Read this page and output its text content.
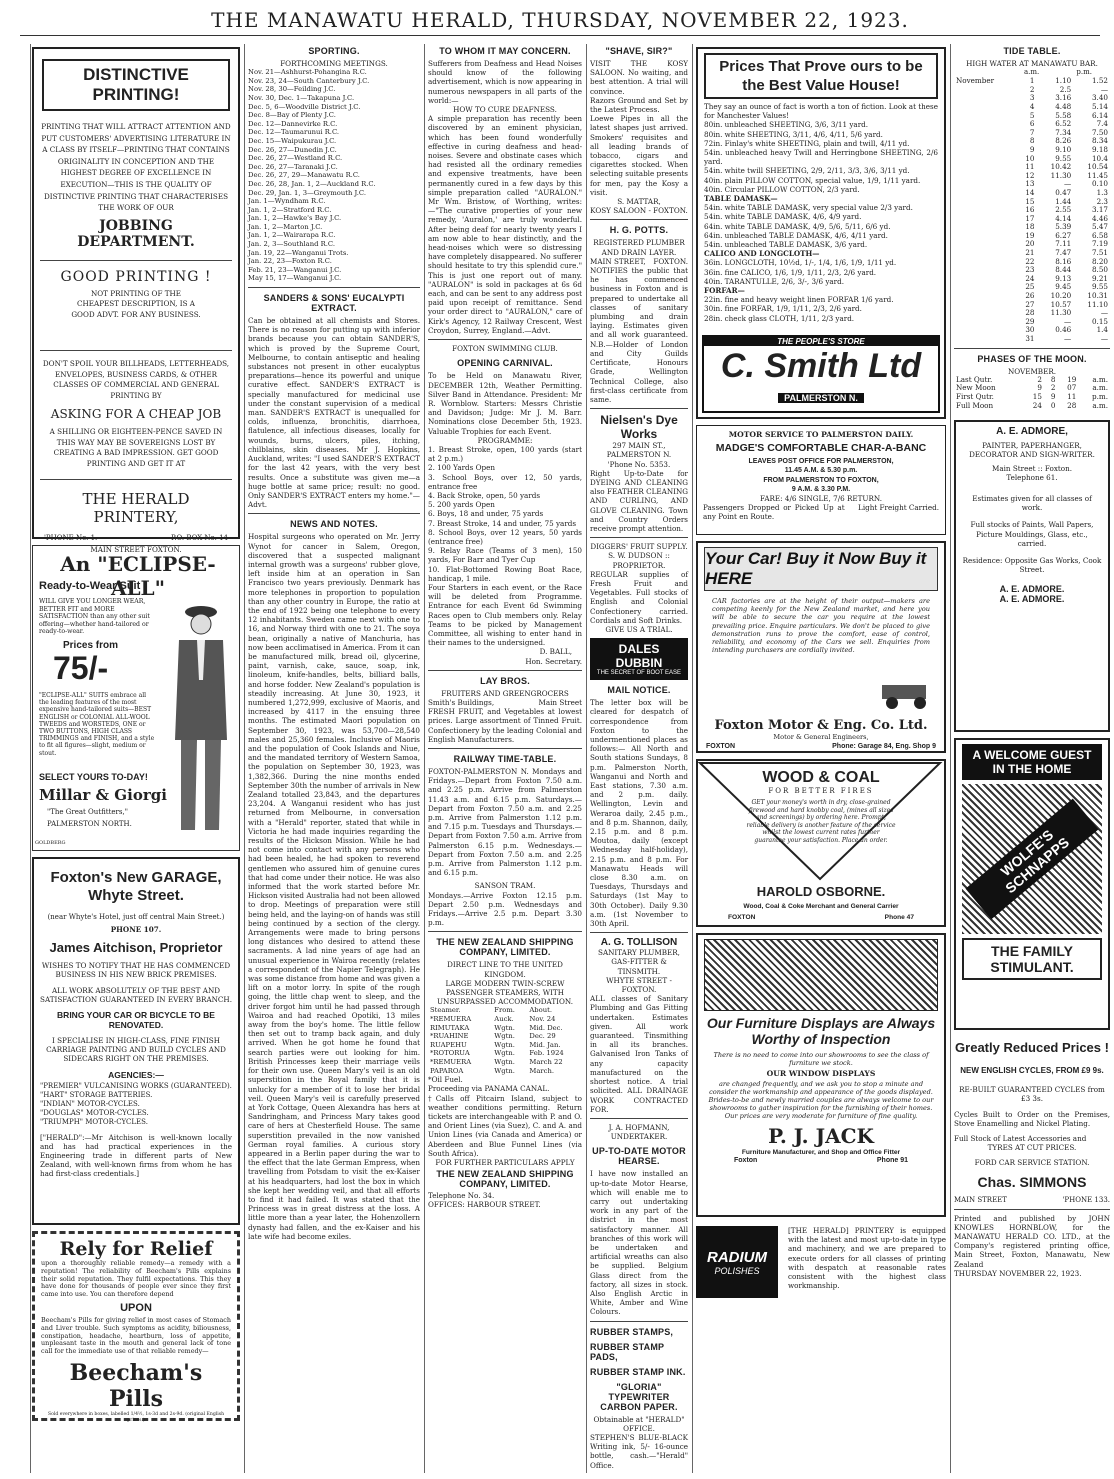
THE MANAWATU HERALD, THURSDAY, NOVEMBER 22, 1923.
DISTINCTIVE PRINTING!
PRINTING THAT WILL ATTRACT ATTENTION AND PUT CUSTOMERS' ADVERTISING LITERATURE IN A CLASS BY ITSELF—PRINTING THAT CONTAINS ORIGINALITY IN CONCEPTION AND THE HIGHEST DEGREE OF EXCELLENCE IN EXECUTION—THIS IS THE QUALITY OF DISTINCTIVE PRINTING THAT CHARACTERISES THE WORK OF OUR
JOBBING DEPARTMENT.
GOOD PRINTING !
NOT PRINTING OF THE CHEAPEST DESCRIPTION, IS A GOOD ADVT. FOR ANY BUSINESS.
DON'T SPOIL YOUR BILLHEADS, LETTERHEADS, ENVELOPES, BUSINESS CARDS, & OTHER CLASSES OF COMMERCIAL AND GENERAL PRINTING BY
ASKING FOR A CHEAP JOB
A SHILLING OR EIGHTEEN-PENCE SAVED IN THIS WAY MAY BE SOVEREIGNS LOST BY CREATING A BAD IMPRESSION. GET GOOD PRINTING AND GET IT AT
THE HERALD PRINTERY,
'PHONE No. 1.	P.O. BOX No. 14
MAIN STREET FOXTON.
An "ECLIPSE-ALL"
Ready-to-Wear Suit
WILL GIVE YOU LONGER WEAR, BETTER FIT and MORE SATISFACTION than any other suit offering—whether hand-tailored or ready-to-wear.
Prices from
75/-
"ECLIPSE-ALL" SUITS embrace all the leading features of the most expensive hand-tailored suits—BEST ENGLISH or COLONIAL ALL-WOOL TWEEDS and WORSTEDS, ONE or TWO BUTTONS, HIGH CLASS TRIMMINGS and FINISH, and a style to fit all figures—slight, medium or stout.
SELECT YOURS TO-DAY!
Millar & Giorgi
"The Great Outfitters,"
PALMERSTON NORTH.
GOLDBERG
Foxton's New GARAGE, Whyte Street.
(near Whyte's Hotel, just off central Main Street.)
PHONE 107.
James Aitchison, Proprietor
WISHES TO NOTIFY THAT HE HAS COMMENCED BUSINESS IN HIS NEW BRICK PREMISES.
ALL WORK ABSOLUTELY OF THE BEST AND SATISFACTION GUARANTEED IN EVERY BRANCH.
BRING YOUR CAR OR BICYCLE TO BE RENOVATED.
I SPECIALISE IN HIGH-CLASS, FINE FINISH CARRIAGE PAINTING AND BUILD CYCLES AND SIDECARS RIGHT ON THE PREMISES.
AGENCIES:—
"PREMIER" VULCANISING WORKS (GUARANTEED).
"HART" STORAGE BATTERIES.
"INDIAN" MOTOR-CYCLES.
"DOUGLAS" MOTOR-CYCLES.
"TRIUMPH" MOTOR-CYCLES.
["HERALD":—Mr Aitchison is well-known locally and has had practical experiences in the Engineering trade in different parts of New Zealand, with well-known firms from whom he has had first-class credentials.]
Rely for Relief
upon a thoroughly reliable remedy—a remedy with a reputation! The reliability of Beecham's Pills explains their solid reputation. They fulfil expectations. This they have done for thousands of people ever since they first came into use. You can therefore depend
UPON
Beecham's Pills for giving relief in most cases of Stomach and Liver trouble. Such symptoms as acidity, biliousness, constipation, headache, heartburn, loss of appetite, unpleasant taste in the mouth and general lack of tone call for the immediate use of that reliable remedy—
Beecham's Pills
Sold everywhere in boxes, labelled 1/4½, 1s-3d and 2s-9d. (original English prices.)
SPORTING.
FORTHCOMING MEETINGS.
Nov. 21—Ashhurst-Pohangina R.C.
Nov. 23, 24—South Canterbury J.C.
Nov. 28, 30—Feilding J.C.
Nov. 30, Dec. 1—Takapuna J.C.
Dec. 5, 6—Woodville District J.C.
Dec. 8—Bay of Plenty J.C.
Dec. 12—Dannevirke R.C.
Dec. 12—Taumarunui R.C.
Dec. 15—Waipukurau J.C.
Dec. 26, 27—Dunedin J.C.
Dec. 26, 27—Westland R.C.
Dec. 26, 27—Taranaki J.C.
Dec. 26, 27, 29—Manawatu R.C.
Dec. 26, 28, Jan. 1, 2—Auckland R.C.
Dec. 29, Jan. 1, 3—Greymouth J.C.
Jan. 1—Wyndham R.C.
Jan. 1, 2—Stratford R.C.
Jan. 1, 2—Hawke's Bay J.C.
Jan. 1, 2—Marton J.C.
Jan. 1, 2—Wairarapa R.C.
Jan. 2, 3—Southland R.C.
Jan. 19, 22—Wanganui Trots.
Jan. 22, 23—Foxton R.C.
Feb. 21, 23—Wanganui J.C.
May 15, 17—Wanganui J.C.
SANDERS & SONS' EUCALYPTI EXTRACT.
Can be obtained at all chemists and Stores. There is no reason for putting up with inferior brands because you can obtain SANDER'S, which is proved by the Supreme Court, Melbourne, to contain antiseptic and healing substances not present in other eucalyptus preparations—hence its powerful and unique curative effect. SANDER'S EXTRACT is specially manufactured for medicinal use under the constant supervision of a medical man. SANDER'S EXTRACT is unequalled for colds, influenza, bronchitis, diarrhoea, flatulence, all infectious diseases, locally for wounds, burns, ulcers, piles, itching, chilblains, skin diseases. Mr J. Hopkins, Auckland, writes: "I used SANDER'S EXTRACT for the last 42 years, with the very best results. Once a substitute was given me—a huge bottle at same price; result: no good. Only SANDER'S EXTRACT enters my home."—Advt.
NEWS AND NOTES.
Hospital surgeons who operated on Mr. Jerry Wynot for cancer in Salem, Oregon, discovered that a suspected malignant internal growth was a surgeons' rubber glove, left inside him at an operation in San Francisco two years previously. Denmark has more telephones in proportion to population than any other country in Europe, the ratio at the end of 1922 being one telephone to every 12 inhabitants. Sweden came next with one to 16, and Norway third with one to 21. The soya bean, originally a native of Manchuria, has now been acclimatised in America. From it can be manufactured milk, bread oil, glycerine, paint, varnish, cake, sauce, soap, ink, linoleum, knife-handles, belts, billiard balls, and horse fodder. New Zealand's population is steadily increasing. At June 30, 1923, it numbered 1,272,999, exclusive of Maoris, and increased by 4117 in the ensuing three months. The estimated Maori population on September 30, 1923, was 53,700—28,540 males and 25,360 females. Inclusive of Maoris and the population of Cook Islands and Niue, and the mandated territory of Western Samoa, the population on September 30, 1923, was 1,382,366. During the nine months ended September 30th the number of arrivals in New Zealand totalled 23,843, and the departures 23,204. A Wanganui resident who has just returned from Melbourne, in conversation with a "Herald" reporter, stated that while in Victoria he had made inquiries regarding the results of the Hickson Mission. While he had not come into contact with any persons who had been healed, he had spoken to reverend gentlemen who assured him of genuine cures that had come under their notice. He was also informed that the work started before Mr. Hickson visited Australia had not been allowed to drop. Meetings of preparation were still being held, and the laying-on of hands was still being continued by a section of the clergy. Arrangements were made to bring persons long distances who desired to attend these sacraments. A lad nine years of age had an unusual experience in Wairoa recently (relates a correspondent of the Napier Telegraph). He was some distance from home and was given a lift on a motor lorry. In spite of the rough going, the little chap went to sleep, and the driver forgot him until he had passed through Wairoa and had reached Opotiki, 13 miles away from the boy's home. The little fellow then set out to tramp back again, and duly arrived. When he got home he found that search parties were out looking for him. British Princesses keep their marriage veils for their own use. Queen Mary's veil is an old superstition in the Royal family that it is unlucky for a member of it to lose her bridal veil. Queen Mary's veil is carefully preserved at York Cottage, Queen Alexandra has hers at Sandringham, and Princess Mary takes good care of hers at Chesterfield House. The same superstition prevailed in the now vanished German royal families. A curious story appeared in a Berlin paper during the war to the effect that the late German Empress, when travelling from Potsdam to visit the ex-Kaiser at his headquarters, had lost the box in which she kept her wedding veil, and that all efforts to find it had failed. It was stated that the Princess was in great distress at the loss. A little more than a year later, the Hohenzollern dynasty had fallen, and the ex-Kaiser and his late wife had become exiles.
TO WHOM IT MAY CONCERN.
Sufferers from Deafness and Head Noises should know of the following advertisement, which is now appearing in numerous newspapers in all parts of the world:—
HOW TO CURE DEAFNESS.
A simple preparation has recently been discovered by an eminent physician, which has been found wonderfully effective in curing deafness and head-noises. Severe and obstinate cases which had resisted all the ordinary remedies and expensive treatments, have been permanently cured in a few days by this simple preparation called "AURALON." Mr Wm. Bristow, of Worthing, writes:—"The curative properties of your new remedy, 'Auralon,' are truly wonderful. After being deaf for nearly twenty years I am now able to hear distinctly, and the head-noises which were so distressing have completely disappeared. No sufferer should hesitate to try this splendid cure." This is just one report out of many. "AURALON" is sold in packages at 6s 6d each, and can be sent to any address post paid upon receipt of remittance. Send your order direct to "AURALON," care of Kirk's Agency, 12 Railway Crescent, West Croydon, Surrey, England.—Advt.
FOXTON SWIMMING CLUB.
OPENING CARNIVAL.
To be Held on Manawatu River, DECEMBER 12th, Weather Permitting. Silver Band in Attendance. President: Mr R. Wornblow. Starters: Messrs Christie and Davidson; Judge: Mr J. M. Barr. Nominations close December 5th, 1923. Valuable Trophies for each Event.
PROGRAMME:
1. Breast Stroke, open, 100 yards (start at 2 p.m.)
2. 100 Yards Open
3. School Boys, over 12, 50 yards, entrance free
4. Back Stroke, open, 50 yards
5. 200 yards Open
6. Boys, 18 and under, 75 yards
7. Breast Stroke, 14 and under, 75 yards
8. School Boys, over 12 years, 50 yards (entrance free)
9. Relay Race (Teams of 3 men), 150 yards, For Barr and Tyer Cup
10. Flat-Bottomed Rowing Boat Race, handicap, 1 mile.
Four Starters in each event, or the Race will be deleted from Programme. Entrance for each Event 6d Swimming Races open to Club members only. Relay Teams to be picked by Management Committee, all wishing to enter hand in their names to the undersigned.
D. BALL,
Hon. Secretary.
LAY BROS.
FRUITERS AND GREENGROCERS
Smith's Buildings,	Main Street
FRESH FRUIT, and Vegetables at lowest prices. Large assortment of Tinned Fruit. Confectionery by the leading Colonial and English Manufacturers.
RAILWAY TIME-TABLE.
FOXTON-PALMERSTON N. Mondays and Fridays.—Depart from Foxton 7.50 a.m. and 2.25 p.m. Arrive from Palmerston 11.43 a.m. and 6.15 p.m. Saturdays.—Depart from Foxton 7.50 a.m. and 2.25 p.m. Arrive from Palmerston 1.12 p.m. and 7.15 p.m. Tuesdays and Thursdays.—Depart from Foxton 7.50 a.m. Arrive from Palmerston 6.15 p.m. Wednesdays.—Depart from Foxton 7.50 a.m. and 2.25 p.m. Arrive from Palmerston 1.12 p.m. and 6.15 p.m.
SANSON TRAM.
Mondays.—Arrive Foxton 12.15 p.m. Depart 2.50 p.m. Wednesdays and Fridays.—Arrive 2.5 p.m. Depart 3.30 p.m.
THE NEW ZEALAND SHIPPING COMPANY, LIMITED.
DIRECT LINE TO THE UNITED KINGDOM.
LARGE MODERN TWIN-SCREW PASSENGER STEAMERS, WITH UNSURPASSED ACCOMMODATION.
Steamer.	From.	About.
*REMUERA	Auck.	Nov. 24
RIMUTAKA	Wgtn.	Mid. Dec.
*RUAHINE	Wgtn.	Dec. 29
RUAPEHU	Wgtn.	Mid. Jan.
*ROTORUA	Wgtn.	Feb. 1924
*REMUERA	Wgtn.	March 22
PAPAROA	Wgtn.	March.
*Oil Fuel.
Proceeding via PANAMA CANAL.
†Calls off Pitcairn Island, subject to weather conditions permitting. Return tickets are interchangeable with P. and O. and Orient Lines (via Suez), C. and A. and Union Lines (via Canada and America) or Aberdeen and Blue Funnel Lines (via South Africa).
FOR FURTHER PARTICULARS APPLY
THE NEW ZEALAND SHIPPING COMPANY, LIMITED.
Telephone No. 34.
OFFICES: HARBOUR STREET.
"SHAVE, SIR?"
VISIT THE KOSY SALOON. No waiting, and best attention. A trial will convince.
Razors Ground and Set by the Latest Process.
Loewe Pipes in all the latest shapes just arrived. Smokers' requisites and all leading brands of tobacco, cigars and cigarettes stocked. When selecting suitable presents for men, pay the Kosy a visit.
S. MATTAR,
KOSY SALOON - FOXTON.
H. G. POTTS.
REGISTERED PLUMBER AND DRAIN LAYER.
MAIN STREET, FOXTON.
NOTIFIES the public that he has commenced business in Foxton and is prepared to undertake all classes of sanitary plumbing and drain laying. Estimates given and all work guaranteed. N.B.—Holder of London and City Guilds Certificate, Honours Grade, Wellington Technical College, also first-class certificate from same.
Nielsen's Dye Works
297 MAIN ST., PALMERSTON N.
'Phone No. 5353.
Right Up-to-Date for DYEING AND CLEANING also FEATHER CLEANING AND CURLING, AND GLOVE CLEANING. Town and Country Orders receive prompt attention.
DIGGERS' FRUIT SUPPLY.
S. W. DUDSON :: PROPRIETOR.
REGULAR supplies of Fresh Fruit and Vegetables. Full stocks of English and Colonial Confectionery carried. Cordials and Soft Drinks.
GIVE US A TRIAL.
DALES DUBBIN
THE SECRET OF BOOT EASE
MAIL NOTICE.
The letter box will be cleared for despatch of correspondence from Foxton to the undermentioned places as follows:— All North and South stations Sundays, 8 p.m. Palmerston North, Wanganui and North and East stations, 7.30 a.m. and 2 p.m. daily. Wellington, Levin and Weraroa daily, 2.45 p.m., and 8 p.m. Shannon, daily, 2.15 p.m. and 8 p.m. Moutoa, daily (except Wednesday half-holiday), 2.15 p.m. and 8 p.m. For Manawatu Heads will close 8.30 a.m. on Tuesdays, Thursdays and Saturdays (1st May to 30th October). Daily 9.30 a.m. (1st November to 30th April.
A. G. TOLLISON
SANITARY PLUMBER, GAS-FITTER & TINSMITH.
WHYTE STREET - FOXTON.
ALL classes of Sanitary Plumbing and Gas Fitting undertaken. Estimates given. All work guaranteed. Tinsmithing in all its branches. Galvanised Iron Tanks of any capacity manufactured on the shortest notice. A trial solicited. ALL DRAINAGE WORK CONTRACTED FOR.
J. A. HOFMANN, UNDERTAKER.
UP-TO-DATE MOTOR HEARSE.
I have now installed an up-to-date Motor Hearse, which will enable me to carry out undertaking work in any part of the district in the most satisfactory manner. All branches of this work will be undertaken and artificial wreaths can also be supplied. Belgium Glass direct from the factory, all sizes in stock. Also English Arctic in White, Amber and Wine Colours.
RUBBER STAMPS,
RUBBER STAMP PADS,
RUBBER STAMP INK.
"GLORIA" TYPEWRITER CARBON PAPER.
Obtainable at "HERALD" OFFICE.
STEPHEN'S BLUE-BLACK Writing ink, 5/- 16-ounce bottle, cash.—"Herald" Office.
Prices That Prove ours to be the Best Value House!
They say an ounce of fact is worth a ton of fiction. Look at these for Manchester Values!
80in. unbleached SHEETING, 3/6, 3/11 yard.
80in. white SHEETING, 3/11, 4/6, 4/11, 5/6 yard.
72in. Finlay's white SHEETING, plain and twill, 4/11 yd.
54in. unbleached heavy Twill and Herringbone SHEETING, 2/6 yard.
54in. white twill SHEETING, 2/9, 2/11, 3/3, 3/6, 3/11 yd.
40in. plain PILLOW COTTON, special value, 1/9, 1/11 yard.
40in. Circular PILLOW COTTON, 2/3 yard.
TABLE DAMASK—
54in. white TABLE DAMASK, very special value 2/3 yard.
54in. white TABLE DAMASK, 4/6, 4/9 yard.
64in. white TABLE DAMASK, 4/9, 5/6, 5/11, 6/6 yd.
64in. unbleached TABLE DAMASK, 4/6, 4/11 yard.
54in. unbleached TABLE DAMASK, 3/6 yard.
CALICO AND LONGCLOTH—
36in. LONGCLOTH, 10½d, 1/-, 1/4, 1/6, 1/9, 1/11 yd.
36in. fine CALICO, 1/6, 1/9, 1/11, 2/3, 2/6 yard.
40in. TARANTULLE, 2/6, 3/-, 3/6 yard.
FORFAR—
22in. fine and heavy weight linen FORFAR 1/6 yard.
30in. fine FORFAR, 1/9, 1/11, 2/3, 2/6 yard.
28in. check glass CLOTH, 1/11, 2/3 yard.
THE PEOPLE'S STORE
C. Smith Ltd
PALMERSTON N.
MOTOR SERVICE TO PALMERSTON DAILY.
MADGE'S COMFORTABLE CHAR-A-BANC
LEAVES POST OFFICE FOR PALMERSTON,
11.45 A.M. & 5.30 p.m.
FROM PALMERSTON TO FOXTON,
9 A.M. & 3.30 P.M.
FARE: 4/6 SINGLE, 7/6 RETURN.
Passengers Dropped or Picked Up at any Point en Route.
Light Freight Carried.
Your Car! Buy it Now Buy it HERE
CAR factories are at the height of their output—makers are competing keenly for the New Zealand market, and here you will be able to secure the car you require at the lowest prevailing price. Enquire particulars. We don't be placed to give demonstration runs to prove the comfort, ease of control, reliability, and economy of the Cars we sell. Enquiries from intending purchasers are cordially invited.
Foxton Motor & Eng. Co. Ltd.
Motor & General Engineers,
FOXTON	Phone: Garage 84, Eng. Shop 9
WOOD & COAL
FOR BETTER FIRES
GET your money's worth in dry, close-grained firewood and hard knobby coal, (mines all sizes and screenings) by ordering here. Prompt, reliable delivery is another feature of the service whilst the lowest current rates further guarantee your satisfaction. Place an order.
HAROLD OSBORNE.
Wood, Coal & Coke Merchant and General Carrier
FOXTON	Phone 47
Our Furniture Displays are Always Worthy of Inspection
There is no need to come into our showrooms to see the class of furniture we stock.
OUR WINDOW DISPLAYS
are changed frequently, and we ask you to stop a minute and consider the workmanship and appearance of the goods displayed. Brides-to-be and newly married couples are always welcome to our showrooms to gather inspiration for the furnishing of their homes. Our prices are very moderate for furniture of fine quality.
P. J. JACK
Furniture Manufacturer, and Shop and Office Fitter
Foxton	Phone 91
RADIUM
POLISHES
[THE HERALD] PRINTERY is equipped with the latest and most up-to-date in type and machinery, and we are prepared to execute orders for all classes of printing with despatch at reasonable rates consistent with the highest class workmanship.
TIDE TABLE.
HIGH WATER AT MANAWATU BAR.
a.m.	p.m.
November	1	1.10	1.52
	2	2.5	—
	3	3.16	3.40
	4	4.48	5.14
	5	5.58	6.14
	6	6.52	7.4
	7	7.34	7.50
	8	8.26	8.34
	9	9.10	9.18
	10	9.55	10.4
	11	10.42	10.54
	12	11.30	11.45
	13	—	0.10
	14	0.47	1.3
	15	1.44	2.3
	16	2.55	3.17
	17	4.14	4.46
	18	5.39	5.47
	19	6.27	6.58
	20	7.11	7.19
	21	7.47	7.51
	22	8.16	8.20
	23	8.44	8.50
	24	9.13	9.21
	25	9.45	9.55
	26	10.20	10.31
	27	10.57	11.10
	28	11.30	—
	29	—	0.15
	30	0.46	1.4
	31	—	—
PHASES OF THE MOON.
NOVEMBER.
Last Qutr.	2	8	19	a.m.
New Moon	9	2	07	a.m.
First Qutr.	15	9	11	p.m.
Full Moon	24	0	28	a.m.
A. E. ADMORE,
PAINTER, PAPERHANGER, DECORATOR AND SIGN-WRITER.
Main Street :: Foxton.
Telephone 61.
Estimates given for all classes of work.
Full stocks of Paints, Wall Papers, Picture Mouldings, Glass, etc., carried.
Residence: Opposite Gas Works, Cook Street.
A. E. ADMORE.
A. E. ADMORE.
A WELCOME GUEST IN THE HOME
WOLFE'S SCHNAPPS
THE FAMILY STIMULANT.
Greatly Reduced Prices !
NEW ENGLISH CYCLES, FROM £9 9s.
RE-BUILT GUARANTEED CYCLES from £3 3s.
Cycles Built to Order on the Premises, Stove Enamelling and Nickel Plating.
Full Stock of Latest Accessories and
TYRES AT CUT PRICES.
FORD CAR SERVICE STATION.
Chas. SIMMONS
MAIN STREET	'PHONE 133.
Printed and published by JOHN KNOWLES HORNBLOW, for the MANAWATU HERALD CO. LTD., at the Company's registered printing office, Main Street, Foxton, Manawatu, New Zealand
THURSDAY NOVEMBER 22, 1923.
